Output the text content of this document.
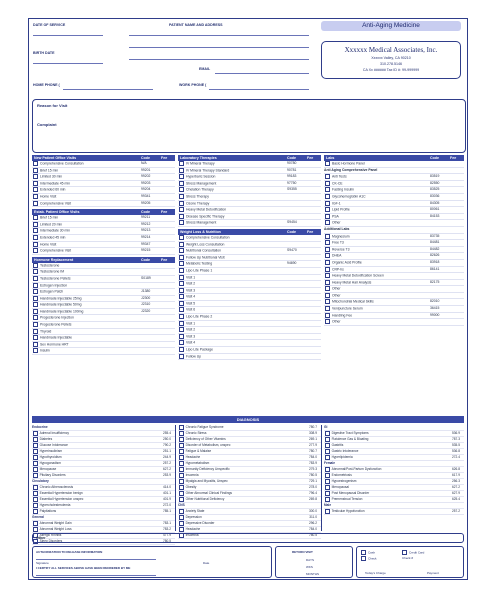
DATE OF SERVICE	PATIENT NAME AND ADDRESS
BIRTH DATE
EMAIL
HOME PHONE (	WORK PHONE (
Anti-Aging Medicine
Xxxxxx Medical Associates, Inc.
Xxxxxx Valley, CA 90210
310.278.5146
CA Xx ###### Tax ID #: 99-999999
Reason for Visit
Complaint
New Patient Office Visits	Code	Fee
Comprehensive Consultation	N/A
Brief 15 min	99201
Limited 30 min	99202
Intermediate 45 min	99203
Extended 60 min	99204
Home Visit	99341
Comprehensive Visit	99205
Estab. Patient Office Visits	Code	Fee
Brief 15 min	99211
Limited 20 min	99212
Intermediate 30 min	99213
Extended 45 min	99214
Home Visit	99347
Comprehensive Visit	99215
Hormone Replacement	Code	Fee
Testosterone
Testosterone IM
Testosterone Pellets	S0189
Estrogen Injection
Estrogen Patch	J1380
Handmade Injectable 25mg	J2300
Handmade Injectable 50mg	J2310
Handmade Injectable 100mg	J2320
Progesterone Injection
Progesterone Pellets
Thyroid
Handmade Injectable
Sex Hormone HRT
Insulin
Laboratory Therapies	Code	Fee
IV Mineral Therapy	90780
IV Mineral Therapy Standard	90781
Hyperbaric Session	99183
Stress Management	97750
Chelation Therapy	S9355
Stress Therapy
Ozone Therapy
Heavy Metal Detoxification
Disease Specific Therapy
Stress Management	S9454
Weight Loss & Nutrition	Code	Fee
Comprehensive Consultation
Weight Loss Consultation
Nutritional Consultation	S9470
Follow Up Nutritional Visit
Metabolic Testing	94690
Lipo Lite Phase 1
Visit 1
Visit 2
Visit 3
Visit 4
Visit 5
Visit 6
Lipo Lite Phase 2
Visit 1
Visit 2
Visit 3
Visit 4
Lipo Lite Package
Follow Up
Labs	Code	Fee
Basic Hormone Panel
Anti Aging Comprehensive Panel
Anti Tests	83519
CK-CE	82550
Fasting Insulin	83525
Glycohemoglobin A1C	83036
IGF-1	84305
Lipid Profile	80061
PSA	84153
Other
Additional Labs
Magnesium	83735
Free T3	84481
Reverse T3	84482
DHEA	82626
Organic Acid Profile	83918
CRP-hs	86141
Heavy Metal Detoxification Screen
Heavy Metal Hair Analysis	82175
Other
Other
Mitochondrial Medical Skills	82010
Venipuncture Serum	36415
Handling Fee	99000
Other
DIAGNOSIS
Endocrine
Adrenal Insufficiency	255.4
Diabetes	250.0
Glucose Intolerance	790.2
Hyperinsulinism	251.1
Hypothyroidism	244.9
Hypogonadism	257.2
Menopause	627.2
Pituitary Disorders	253.9
Circulatory
Chronic Atherosclerosis	414.0
Essential Hypertension benign	401.1
Essential Hypertension unspec	401.9
Hypercholesterolemia	272.0
Palpitations	785.1
General
Abnormal Weight Gain	783.1
Abnormal Weight Loss	783.2
Allergic Rhinitis	477.9
Sleep Disorders	780.5
Chronic Fatigue Syndrome	780.7
Chronic Stress	308.9
Deficiency of Other Vitamins	269.1
Disorder of Metabolism, unspec	277.9
Fatigue & Malaise	780.7
Headache	784.0
Hypometabolism	783.9
Immunity Deficiency Unspecific	279.3
Insomnia	780.5
Myalgia and Myositis, Unspec	729.1
Obesity	278.0
Other Abnormal Clinical Findings	796.4
Other Nutritional Deficiency	269.8
CNS
Anxiety State	300.0
Depression	311.0
Depressive Disorder	296.2
Headache	784.0
Insomnia	780.5
GI
Digestive Tract Symptoms	536.9
Flatulence Gas & Bloating	787.3
Gastritis	535.5
Gastric Intolerance	536.8
Hyperlipidemia	272.4
Female
Abnormal/Post-Partum Dysfunction	626.8
Endometriosis	617.9
Hypoestrogenism	256.3
Menopausal	627.2
Post Menopausal Disorder	627.9
Premenstrual Tension	625.4
Male
Testicular Hypofunction	257.2
Other
AUTHORIZATION TO RELEASE INFORMATION
Signature	Date
I CERTIFY ALL SERVICES ABOVE HAVE BEEN RENDERED BY ME
RETURN VISIT
DAYS
WKS
MONTHS
Cash	Credit Card
Check	Check #
Today's Charge	Payment
